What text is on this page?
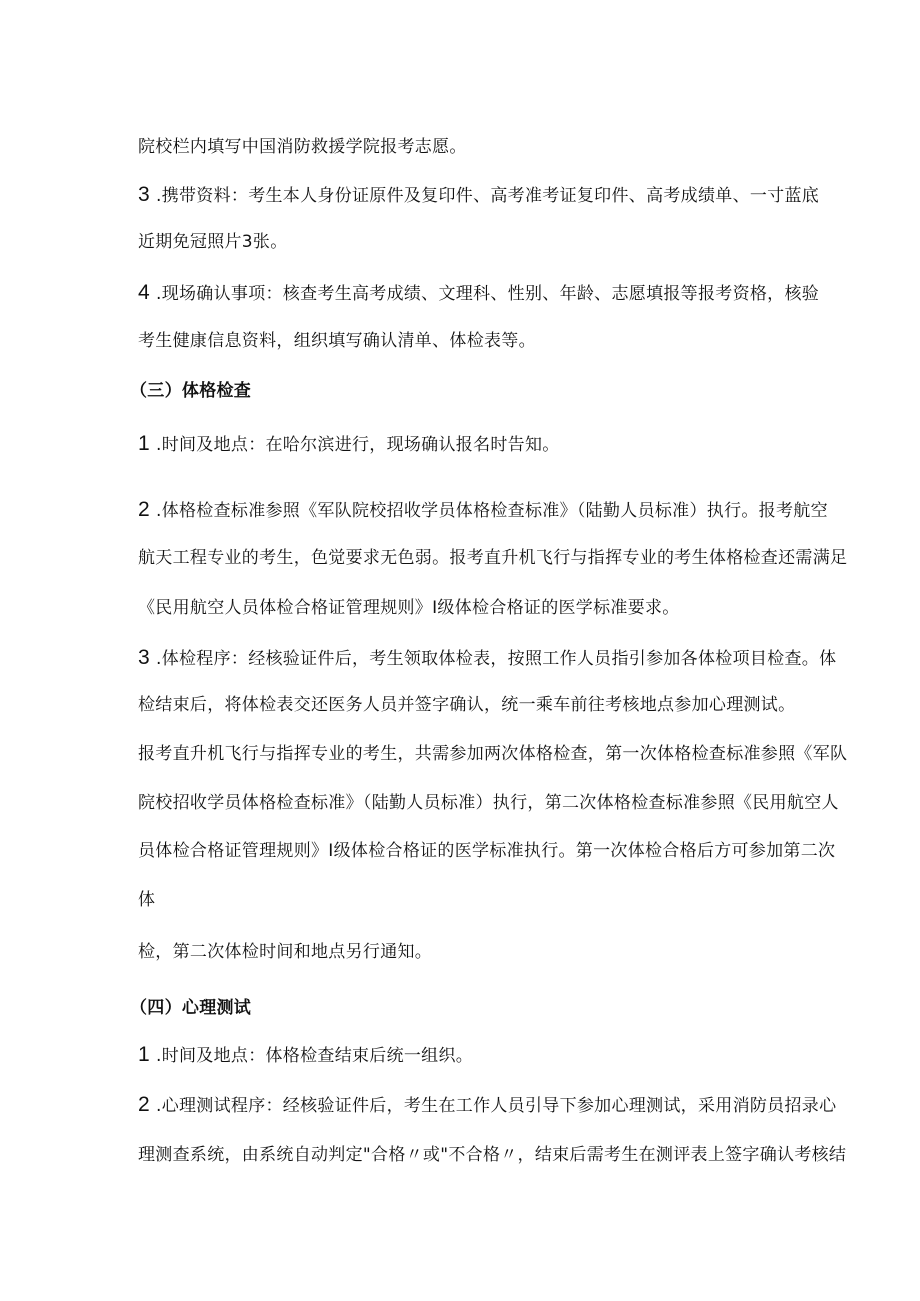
院校栏内填写中国消防救援学院报考志愿。
3 .携带资料：考生本人身份证原件及复印件、高考准考证复印件、高考成绩单、一寸蓝底
近期免冠照片3张。
4 .现场确认事项：核查考生高考成绩、文理科、性别、年龄、志愿填报等报考资格，核验
考生健康信息资料，组织填写确认清单、体检表等。
（三）体格检查
1 .时间及地点：在哈尔滨进行，现场确认报名时告知。
2 .体格检查标准参照《军队院校招收学员体格检查标准》（陆勤人员标准）执行。报考航空
航天工程专业的考生，色觉要求无色弱。报考直升机飞行与指挥专业的考生体格检查还需满足
《民用航空人员体检合格证管理规则》I级体检合格证的医学标准要求。
3 .体检程序：经核验证件后，考生领取体检表，按照工作人员指引参加各体检项目检查。体
检结束后，将体检表交还医务人员并签字确认，统一乘车前往考核地点参加心理测试。
报考直升机飞行与指挥专业的考生，共需参加两次体格检查，第一次体格检查标准参照《军队
院校招收学员体格检查标准》（陆勤人员标准）执行，第二次体格检查标准参照《民用航空人
员体检合格证管理规则》I级体检合格证的医学标准执行。第一次体检合格后方可参加第二次
体
检，第二次体检时间和地点另行通知。
（四）心理测试
1 .时间及地点：体格检查结束后统一组织。
2 .心理测试程序：经核验证件后，考生在工作人员引导下参加心理测试，采用消防员招录心
理测查系统，由系统自动判定"合格〃或"不合格〃，结束后需考生在测评表上签字确认考核结
